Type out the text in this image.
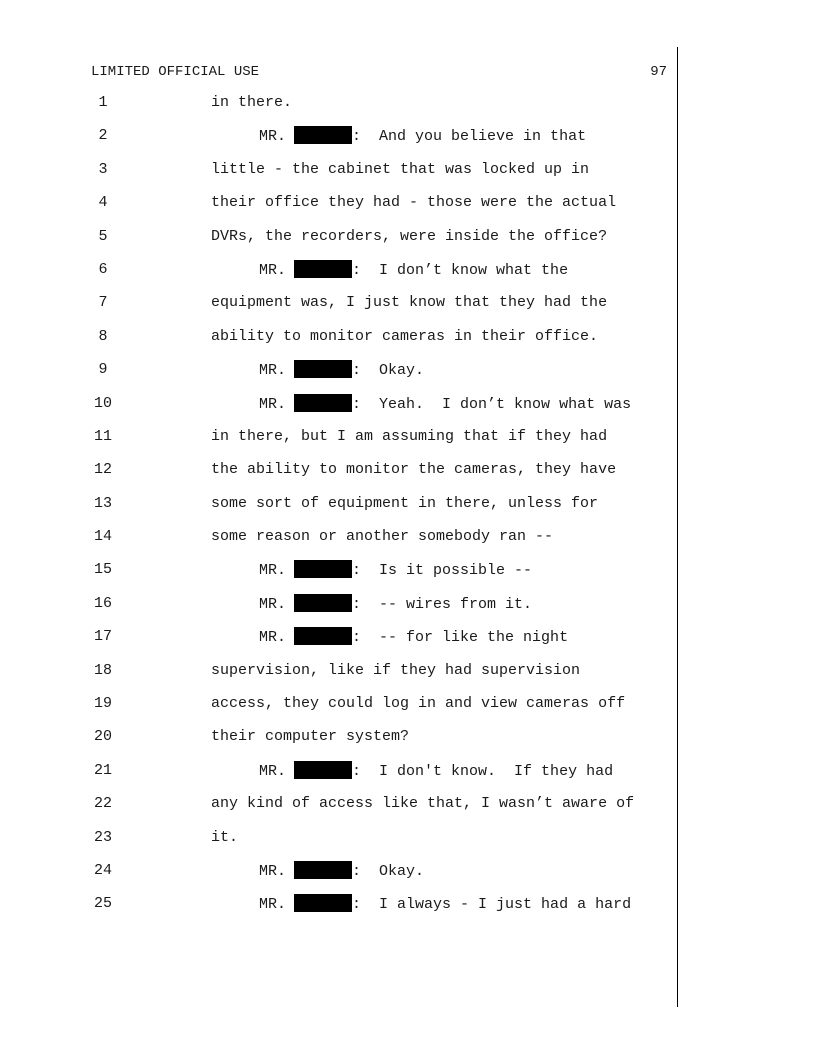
LIMITED OFFICIAL USE	97
1	in there.
2	MR.	:  And you believe in that
3	little - the cabinet that was locked up in
4	their office they had - those were the actual
5	DVRs, the recorders, were inside the office?
6	MR.	:  I don’t know what the
7	equipment was, I just know that they had the
8	ability to monitor cameras in their office.
9	MR.	:  Okay.
10	MR.	:  Yeah.  I don’t know what was
11	in there, but I am assuming that if they had
12	the ability to monitor the cameras, they have
13	some sort of equipment in there, unless for
14	some reason or another somebody ran --
15	MR.	:  Is it possible --
16	MR.	:  -- wires from it.
17	MR.	:  -- for like the night
18	supervision, like if they had supervision
19	access, they could log in and view cameras off
20	their computer system?
21	MR.	:  I don't know.  If they had
22	any kind of access like that, I wasn’t aware of
23	it.
24	MR.	:  Okay.
25	MR.	:  I always - I just had a hard
